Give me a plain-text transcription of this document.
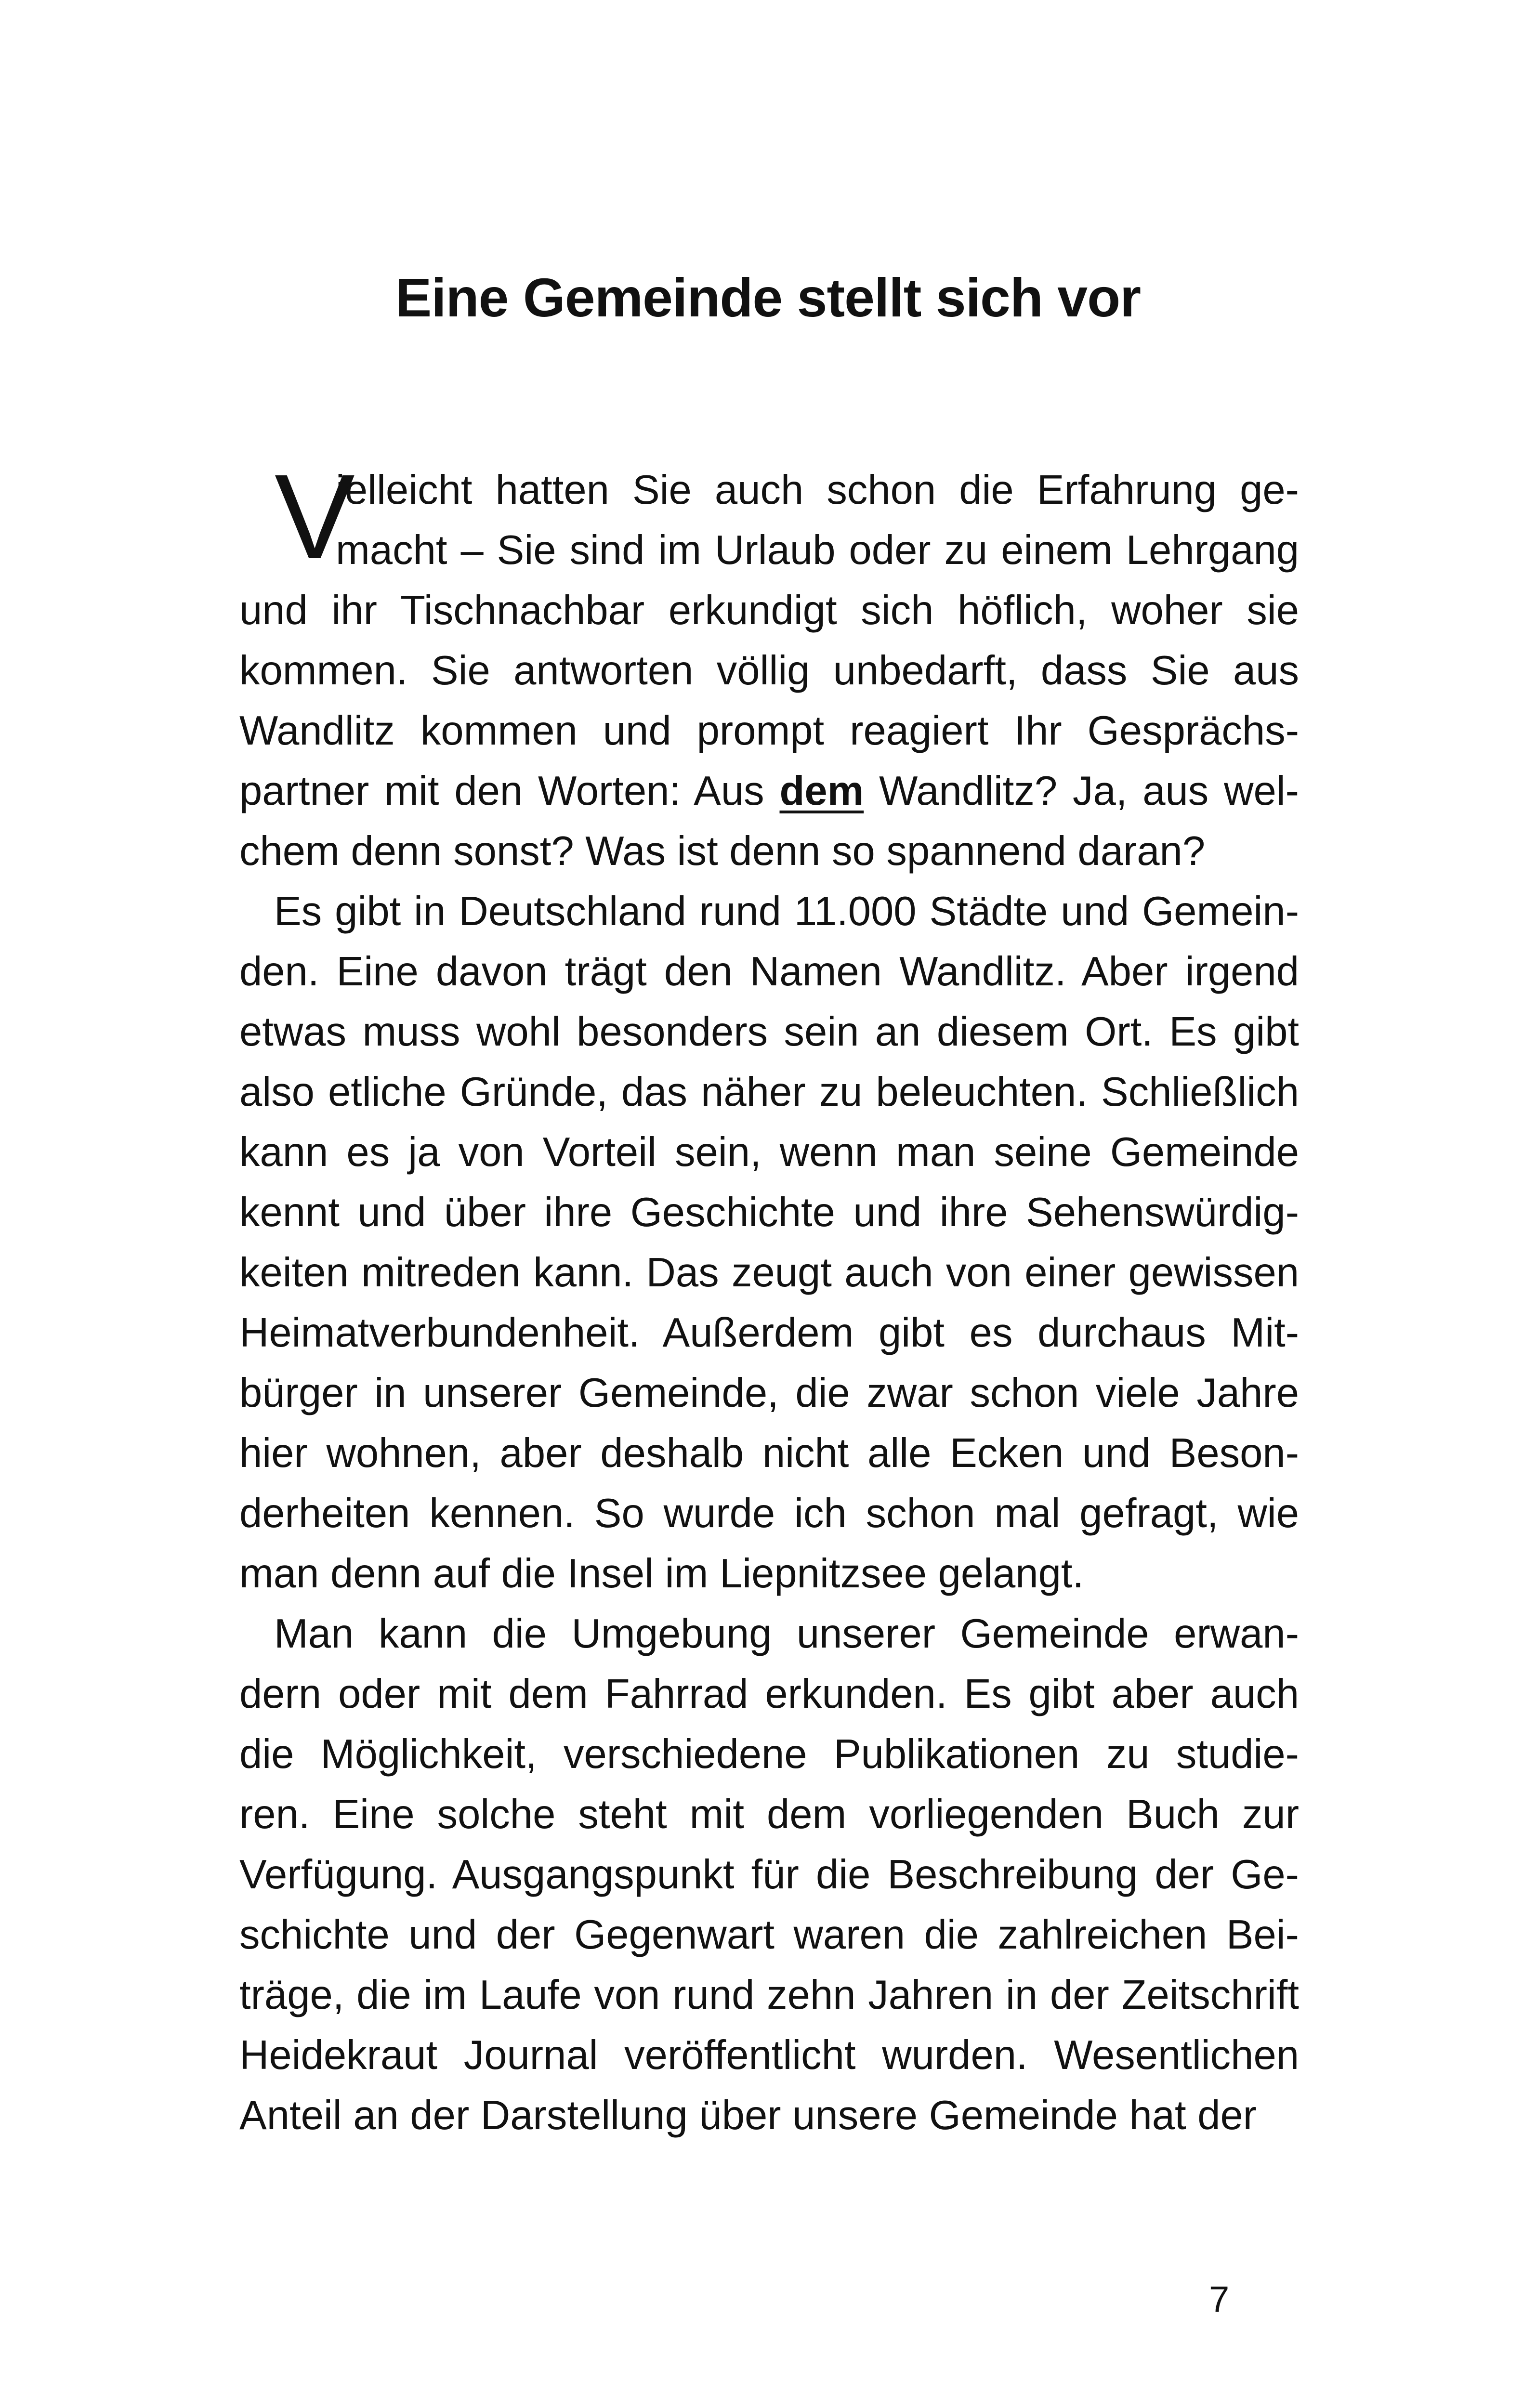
Eine Gemeinde stellt sich vor
V
ielleicht hatten Sie auch schon die Erfahrung ge-
macht – Sie sind im Urlaub oder zu einem Lehrgang
und ihr Tischnachbar erkundigt sich höflich, woher sie
kommen. Sie antworten völlig unbedarft, dass Sie aus
Wandlitz kommen und prompt reagiert Ihr Gesprächs-
partner mit den Worten: Aus dem Wandlitz? Ja, aus wel-
chem denn sonst? Was ist denn so spannend daran?
Es gibt in Deutschland rund 11.000 Städte und Gemein-
den. Eine davon trägt den Namen Wandlitz. Aber irgend
etwas muss wohl besonders sein an diesem Ort. Es gibt
also etliche Gründe, das näher zu beleuchten. Schließlich
kann es ja von Vorteil sein, wenn man seine Gemeinde
kennt und über ihre Geschichte und ihre Sehenswürdig-
keiten mitreden kann. Das zeugt auch von einer gewissen
Heimatverbundenheit. Außerdem gibt es durchaus Mit-
bürger in unserer Gemeinde, die zwar schon viele Jahre
hier wohnen, aber deshalb nicht alle Ecken und Beson-
derheiten kennen. So wurde ich schon mal gefragt, wie
man denn auf die Insel im Liepnitzsee gelangt.
Man kann die Umgebung unserer Gemeinde erwan-
dern oder mit dem Fahrrad erkunden. Es gibt aber auch
die Möglichkeit, verschiedene Publikationen zu studie-
ren. Eine solche steht mit dem vorliegenden Buch zur
Verfügung. Ausgangspunkt für die Beschreibung der Ge-
schichte und der Gegenwart waren die zahlreichen Bei-
träge, die im Laufe von rund zehn Jahren in der Zeitschrift
Heidekraut Journal veröffentlicht wurden. Wesentlichen
Anteil an der Darstellung über unsere Gemeinde hat der
7
